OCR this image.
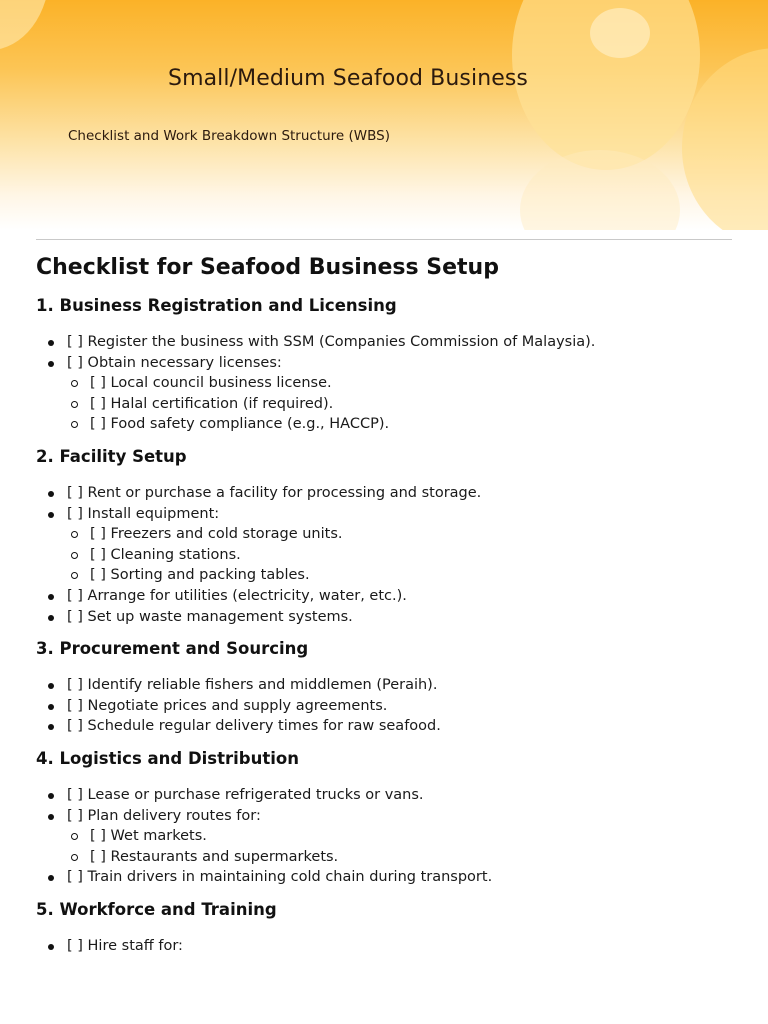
Small/Medium Seafood Business
Checklist and Work Breakdown Structure (WBS)
Checklist for Seafood Business Setup
1. Business Registration and Licensing
[ ] Register the business with SSM (Companies Commission of Malaysia).
[ ] Obtain necessary licenses:
[ ] Local council business license.
[ ] Halal certification (if required).
[ ] Food safety compliance (e.g., HACCP).
2. Facility Setup
[ ] Rent or purchase a facility for processing and storage.
[ ] Install equipment:
[ ] Freezers and cold storage units.
[ ] Cleaning stations.
[ ] Sorting and packing tables.
[ ] Arrange for utilities (electricity, water, etc.).
[ ] Set up waste management systems.
3. Procurement and Sourcing
[ ] Identify reliable fishers and middlemen (Peraih).
[ ] Negotiate prices and supply agreements.
[ ] Schedule regular delivery times for raw seafood.
4. Logistics and Distribution
[ ] Lease or purchase refrigerated trucks or vans.
[ ] Plan delivery routes for:
[ ] Wet markets.
[ ] Restaurants and supermarkets.
[ ] Train drivers in maintaining cold chain during transport.
5. Workforce and Training
[ ] Hire staff for:
